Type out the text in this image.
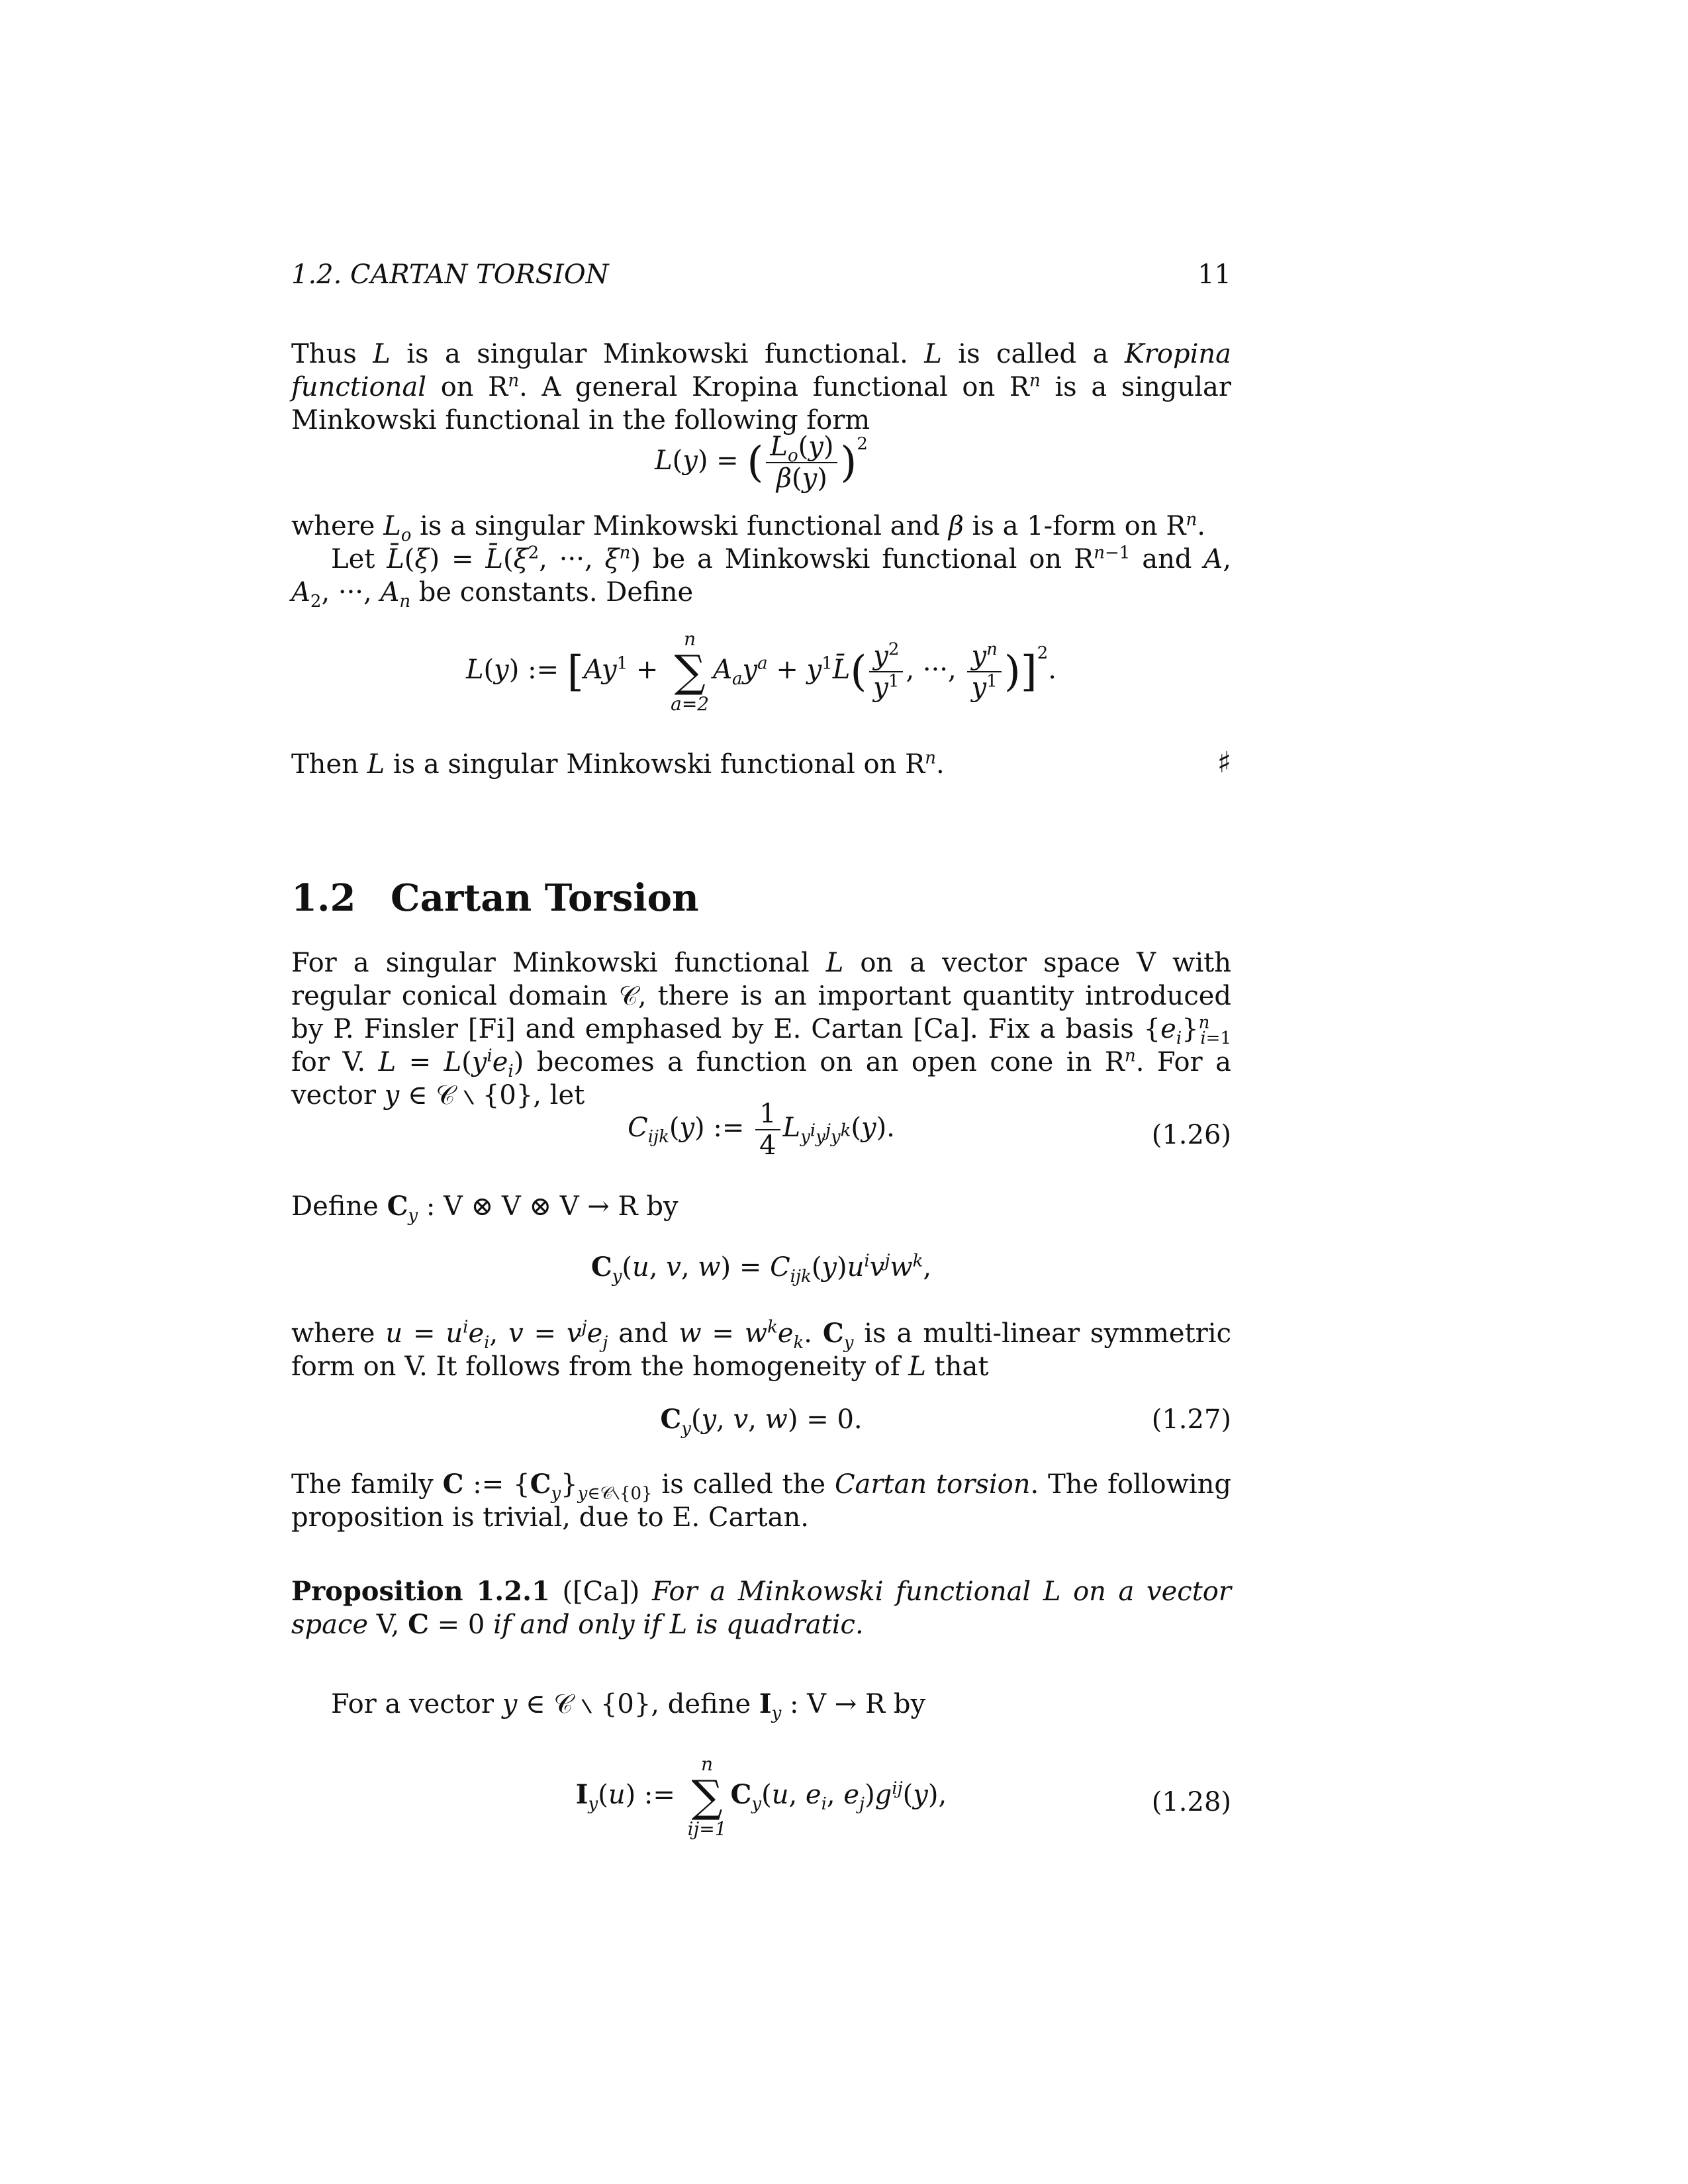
1.2. CARTAN TORSION	11
Thus L is a singular Minkowski functional. L is called a Kropina functional on $R^n$. A general Kropina functional on $R^n$ is a singular Minkowski functional in the following form
L(y) = ( $\frac{L_o(y)}{\beta(y)} )^2$
where $L_o$ is a singular Minkowski functional and β is a 1-form on $R^n$.
Let L̄(ξ) = $L̄(\xi^2$, ···, $\xi^n$) be a Minkowski functional on $R^{n-1}$ and A, $A_2$, ···, $A_n$ be constants. Define
L(y) := [$Ay^1$ +
n
∑
a=2
$A_ay^a$ + $y^1L̄( \frac{y^2}{y^1}$ , ···, $\frac{y^n}{y^1} )]^2$.
Then L is a singular Minkowski functional on $R^n$.	♯
1.2 Cartan Torsion
For a singular Minkowski functional L on a vector space V with regular conical domain 𝒞, there is an important quantity introduced by P. Finsler [Fi] and emphased by E. Cartan [Ca]. Fix a basis $\{e_i\}^n_{i=1}$ for V. $L = L(y^ie_i)$ becomes a function on an open cone in $R^n$. For a vector y ∈ 𝒞 ∖ {0}, let
$C_{ijk}(y)$ := $\frac{1}{4} L_{y^iy^jy^k}(y)$.	(1.26)
Define $C_y$ : V ⊗ V ⊗ V → R by
$C_y(u$, v, $w) = C_{ijk}(y)u^iv^jw^k$,
where $u = u^ie_i$, $v = v^je_j$ and $w = w^ke_k$. $C_y$ is a multi-linear symmetric form on V. It follows from the homogeneity of L that
$C_y(y$, v, w) = 0.	(1.27)
The family C := $\{C_y\}_{y\in 𝒞∖\{0\}}$ is called the Cartan torsion. The following proposition is trivial, due to E. Cartan.
Proposition 1.2.1 ([Ca]) For a Minkowski functional L on a vector space V, C = 0 if and only if L is quadratic.
For a vector y ∈ 𝒞 ∖ {0}, define $I_y$ : V → R by
$I_y(u)$ :=
n
∑
ij=1
$C_y(u$, $e_i$, $e_j)g^{ij}(y)$,	(1.28)
